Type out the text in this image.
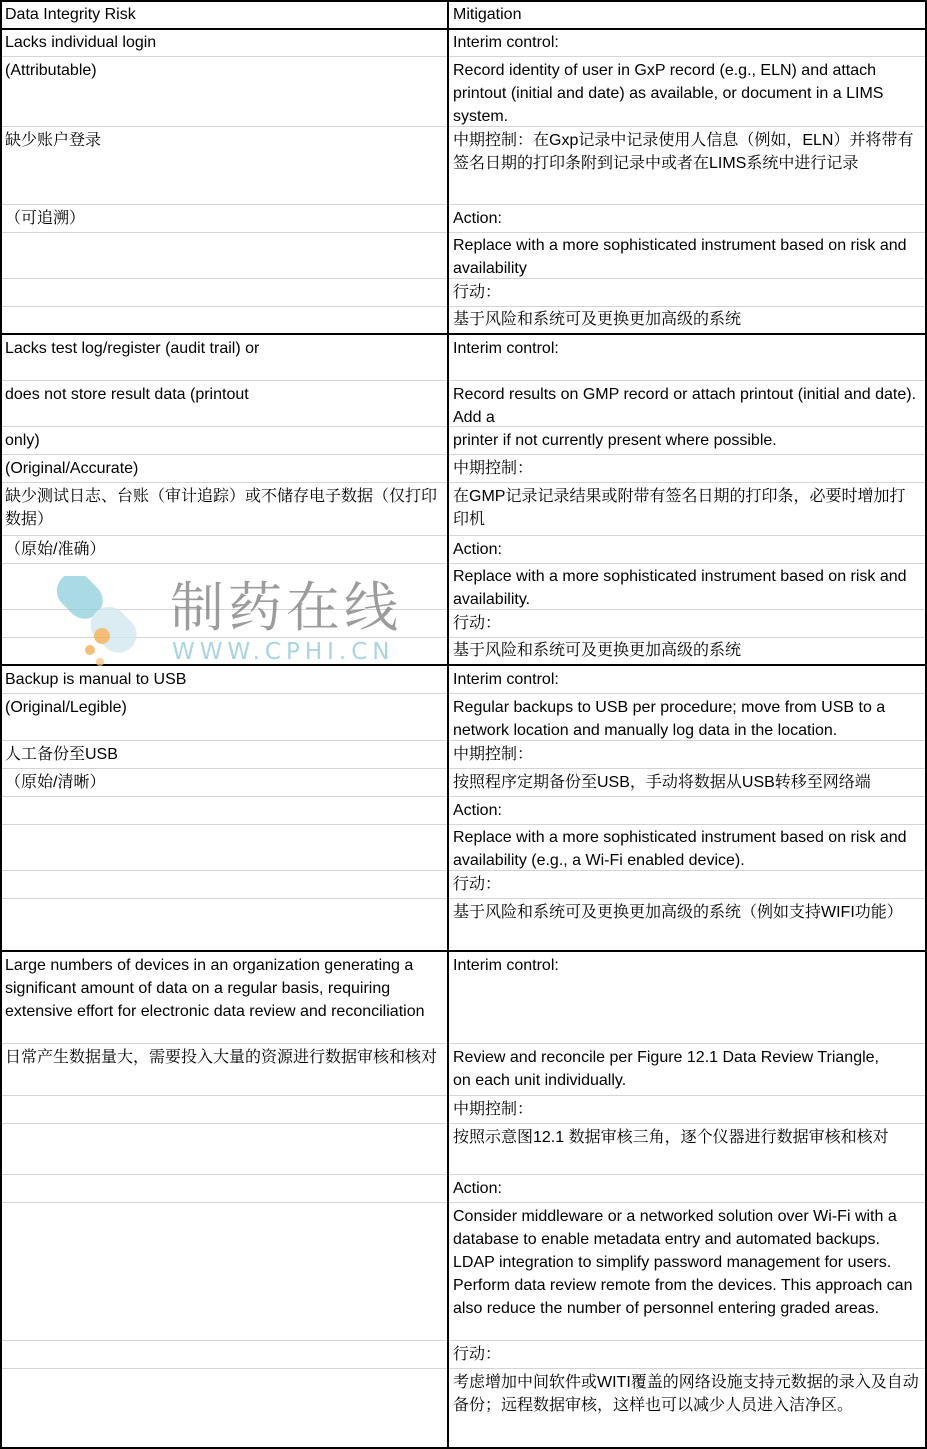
Data Integrity Risk	Mitigation
Lacks individual login
(Attributable)
缺少账户登录
（可追溯）
Interim control:
Record identity of user in GxP record (e.g., ELN) and attach printout (initial and date) as available, or document in a LIMS system.
中期控制：在Gxp记录中记录使用人信息（例如，ELN）并将带有签名日期的打印条附到记录中或者在LIMS系统中进行记录
Action:
Replace with a more sophisticated instrument based on risk and availability
行动：
基于风险和系统可及更换更加高级的系统
Lacks test log/register (audit trail) or
does not store result data (printout
only)
(Original/Accurate)
缺少测试日志、台账（审计追踪）或不储存电子数据（仅打印数据）
（原始/准确）
Interim control:
Record results on GMP record or attach printout (initial and date). Add a
printer if not currently present where possible.
中期控制：
在GMP记录记录结果或附带有签名日期的打印条，必要时增加打印机
Action:
Replace with a more sophisticated instrument based on risk and availability.
行动：
基于风险和系统可及更换更加高级的系统
Backup is manual to USB
(Original/Legible)
人工备份至USB
（原始/清晰）
Interim control:
Regular backups to USB per procedure; move from USB to a network location and manually log data in the location.
中期控制：
按照程序定期备份至USB，手动将数据从USB转移至网络端
Action:
Replace with a more sophisticated instrument based on risk and availability (e.g., a Wi-Fi enabled device).
行动：
基于风险和系统可及更换更加高级的系统（例如支持WIFI功能）
Large numbers of devices in an organization generating a significant amount of data on a regular basis, requiring extensive effort for electronic data review and reconciliation
日常产生数据量大，需要投入大量的资源进行数据审核和核对
Interim control:
Review and reconcile per Figure 12.1 Data Review Triangle, on each unit individually.
中期控制：
按照示意图12.1 数据审核三角，逐个仪器进行数据审核和核对
Action:
Consider middleware or a networked solution over Wi-Fi with a database to enable metadata entry and automated backups. LDAP integration to simplify password management for users. Perform data review remote from the devices. This approach can also reduce the number of personnel entering graded areas.
行动：
考虑增加中间软件或WITI覆盖的网络设施支持元数据的录入及自动备份；远程数据审核，这样也可以减少人员进入洁净区。
制药在线
WWW.CPHI.CN
